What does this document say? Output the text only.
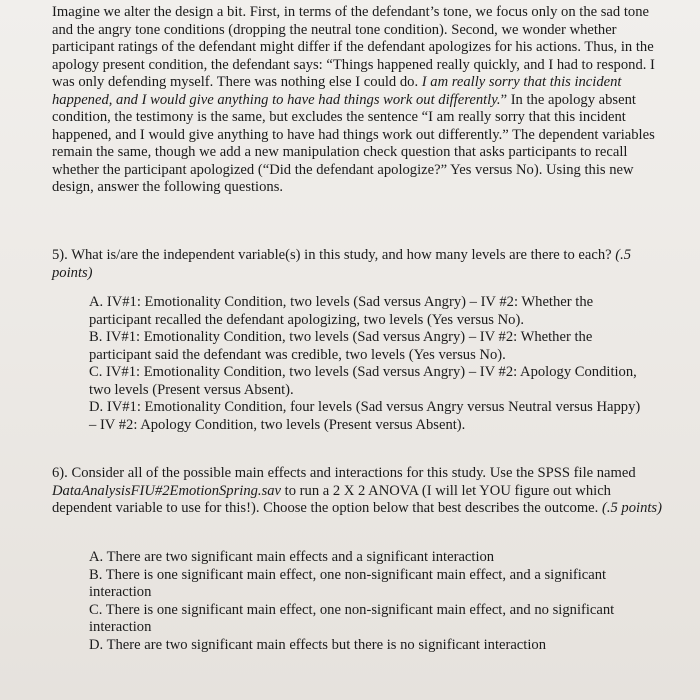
Imagine we alter the design a bit. First, in terms of the defendant’s tone, we focus only on the sad tone and the angry tone conditions (dropping the neutral tone condition). Second, we wonder whether participant ratings of the defendant might differ if the defendant apologizes for his actions. Thus, in the apology present condition, the defendant says: “Things happened really quickly, and I had to respond. I was only defending myself. There was nothing else I could do. I am really sorry that this incident happened, and I would give anything to have had things work out differently.” In the apology absent condition, the testimony is the same, but excludes the sentence “I am really sorry that this incident happened, and I would give anything to have had things work out differently.” The dependent variables remain the same, though we add a new manipulation check question that asks participants to recall whether the participant apologized (“Did the defendant apologize?” Yes versus No). Using this new design, answer the following questions.

5). What is/are the independent variable(s) in this study, and how many levels are there to each? (.5 points)

A. IV#1: Emotionality Condition, two levels (Sad versus Angry) – IV #2: Whether the participant recalled the defendant apologizing, two levels (Yes versus No).

B. IV#1: Emotionality Condition, two levels (Sad versus Angry) – IV #2: Whether the participant said the defendant was credible, two levels (Yes versus No).

C. IV#1: Emotionality Condition, two levels (Sad versus Angry) – IV #2: Apology Condition, two levels (Present versus Absent).

D. IV#1: Emotionality Condition, four levels (Sad versus Angry versus Neutral versus Happy) – IV #2: Apology Condition, two levels (Present versus Absent).

6). Consider all of the possible main effects and interactions for this study. Use the SPSS file named DataAnalysisFIU#2EmotionSpring.sav to run a 2 X 2 ANOVA (I will let YOU figure out which dependent variable to use for this!). Choose the option below that best describes the outcome. (.5 points)

A. There are two significant main effects and a significant interaction

B. There is one significant main effect, one non-significant main effect, and a significant interaction

C. There is one significant main effect, one non-significant main effect, and no significant interaction

D. There are two significant main effects but there is no significant interaction
